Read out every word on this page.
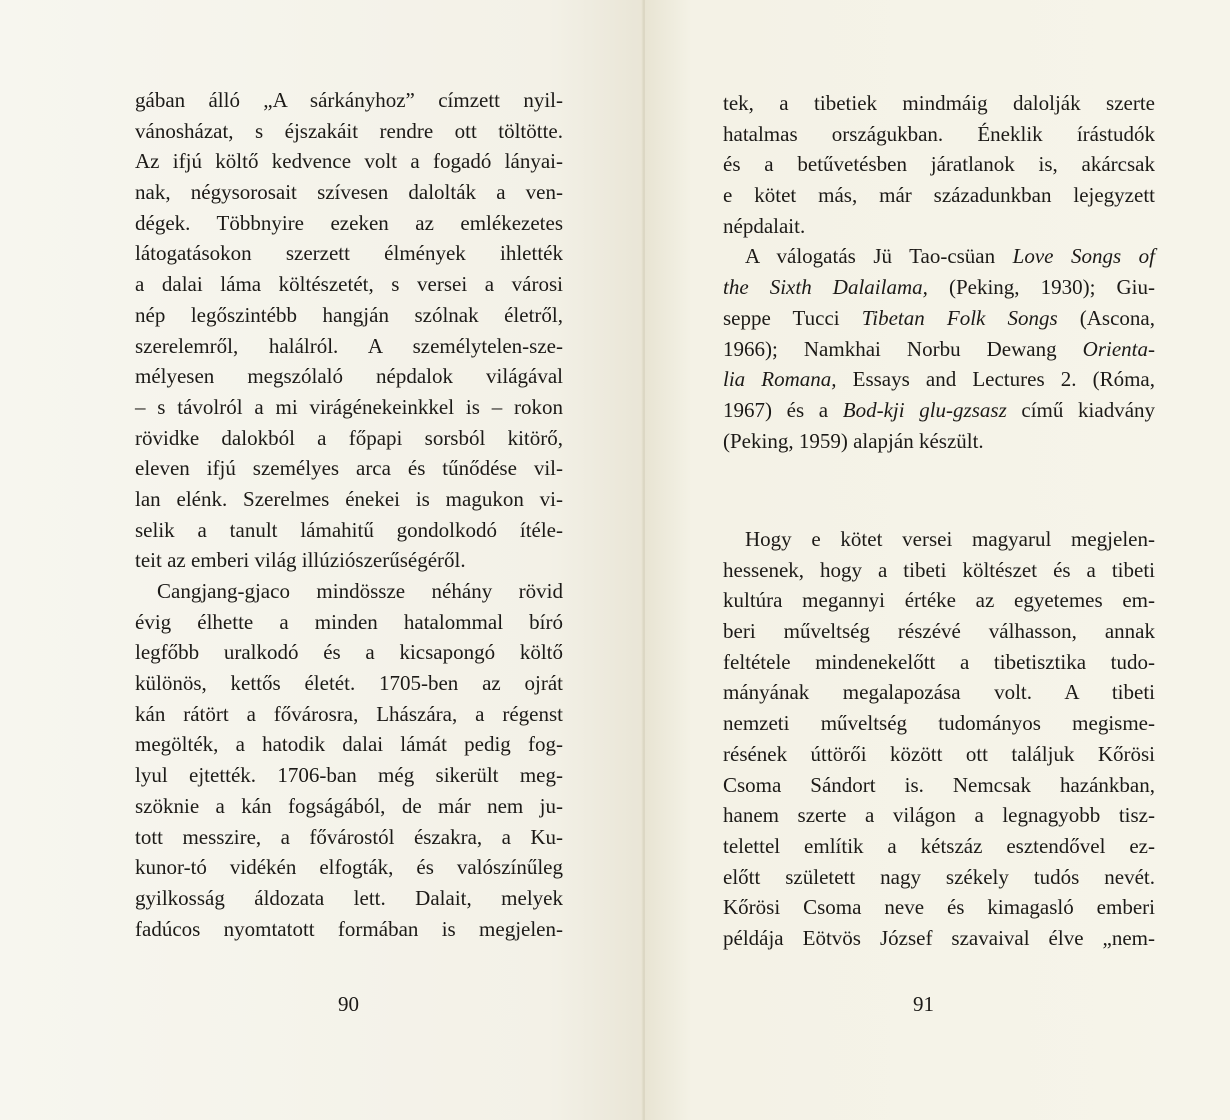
gában álló „A sárkányhoz” címzett nyil-
vánosházat, s éjszakáit rendre ott töltötte.
Az ifjú költő kedvence volt a fogadó lányai-
nak, négysorosait szívesen dalolták a ven-
dégek. Többnyire ezeken az emlékezetes
látogatásokon szerzett élmények ihlették
a dalai láma költészetét, s versei a városi
nép legőszintébb hangján szólnak életről,
szerelemről, halálról. A személytelen-sze-
mélyesen megszólaló népdalok világával
– s távolról a mi virágénekeinkkel is – rokon
rövidke dalokból a főpapi sorsból kitörő,
eleven ifjú személyes arca és tűnődése vil-
lan elénk. Szerelmes énekei is magukon vi-
selik a tanult lámahitű gondolkodó ítéle-
teit az emberi világ illúziószerűségéről.
Cangjang-gjaco mindössze néhány rövid
évig élhette a minden hatalommal bíró
legfőbb uralkodó és a kicsapongó költő
különös, kettős életét. 1705-ben az ojrát
kán rátört a fővárosra, Lhászára, a régenst
megölték, a hatodik dalai lámát pedig fog-
lyul ejtették. 1706-ban még sikerült meg-
szöknie a kán fogságából, de már nem ju-
tott messzire, a fővárostól északra, a Ku-
kunor-tó vidékén elfogták, és valószínűleg
gyilkosság áldozata lett. Dalait, melyek
fadúcos nyomtatott formában is megjelen-
90
tek, a tibetiek mindmáig dalolják szerte
hatalmas országukban. Éneklik írástudók
és a betűvetésben járatlanok is, akárcsak
e kötet más, már századunkban lejegyzett
népdalait.
A válogatás Jü Tao-csüan Love Songs of
the Sixth Dalailama, (Peking, 1930); Giu-
seppe Tucci Tibetan Folk Songs (Ascona,
1966); Namkhai Norbu Dewang Orienta-
lia Romana, Essays and Lectures 2. (Róma,
1967) és a Bod-kji glu-gzsasz című kiadvány
(Peking, 1959) alapján készült.
Hogy e kötet versei magyarul megjelen-
hessenek, hogy a tibeti költészet és a tibeti
kultúra megannyi értéke az egyetemes em-
beri műveltség részévé válhasson, annak
feltétele mindenekelőtt a tibetisztika tudo-
mányának megalapozása volt. A tibeti
nemzeti műveltség tudományos megisme-
résének úttörői között ott találjuk Kőrösi
Csoma Sándort is. Nemcsak hazánkban,
hanem szerte a világon a legnagyobb tisz-
telettel említik a kétszáz esztendővel ez-
előtt született nagy székely tudós nevét.
Kőrösi Csoma neve és kimagasló emberi
példája Eötvös József szavaival élve „nem-
91
